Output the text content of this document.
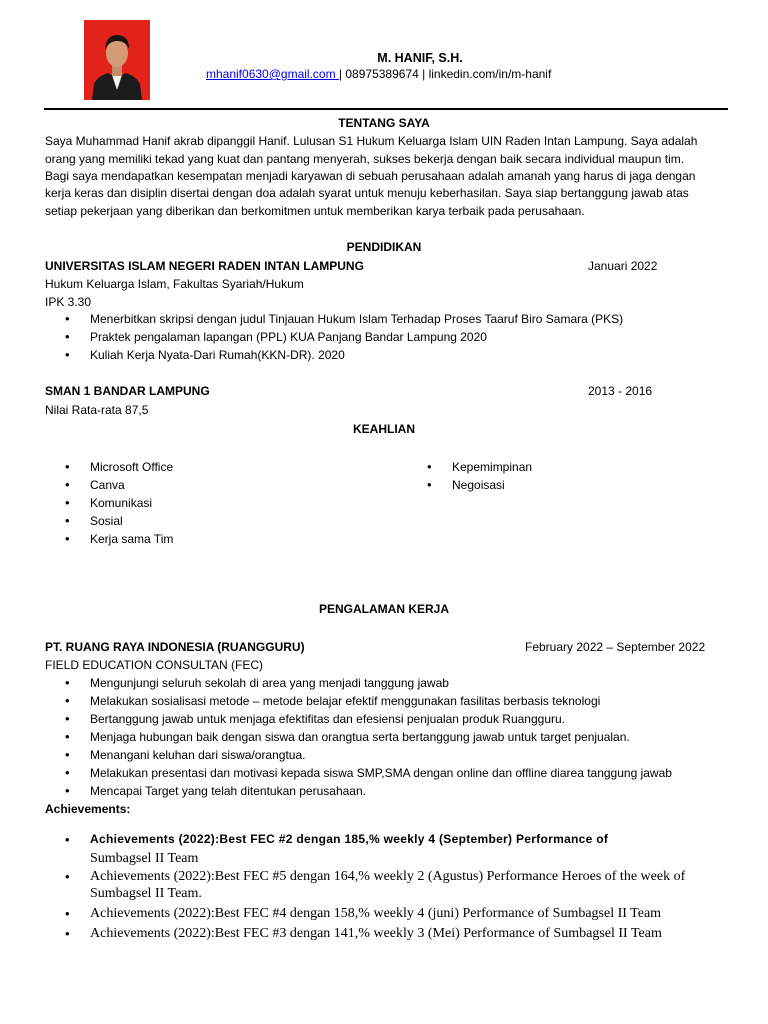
M. HANIF, S.H.
mhanif0630@gmail.com | 08975389674 | linkedin.com/in/m-hanif
TENTANG SAYA

Saya Muhammad Hanif akrab dipanggil Hanif. Lulusan S1 Hukum Keluarga Islam UIN Raden Intan Lampung. Saya adalah

orang yang memiliki tekad yang kuat dan pantang menyerah, sukses bekerja dengan baik secara individual maupun tim.

Bagi saya mendapatkan kesempatan menjadi karyawan di sebuah perusahaan adalah amanah yang harus di jaga dengan

kerja keras dan disiplin disertai dengan doa adalah syarat untuk menuju keberhasilan. Saya siap bertanggung jawab atas

setiap pekerjaan yang diberikan dan berkomitmen untuk memberikan karya terbaik pada perusahaan.

PENDIDIKAN
UNIVERSITAS ISLAM NEGERI RADEN INTAN LAMPUNG	Januari 2022
Hukum Keluarga Islam, Fakultas Syariah/Hukum
IPK 3.30
• Menerbitkan skripsi dengan judul Tinjauan Hukum Islam Terhadap Proses Taaruf Biro Samara (PKS)
• Praktek pengalaman lapangan (PPL) KUA Panjang Bandar Lampung 2020
• Kuliah Kerja Nyata-Dari Rumah(KKN-DR). 2020
SMAN 1 BANDAR LAMPUNG	2013 - 2016
Nilai Rata-rata 87,5
KEAHLIAN
• Microsoft Office
• Canva
• Komunikasi
• Sosial
• Kerja sama Tim
• Kepemimpinan
• Negoisasi
PENGALAMAN KERJA
PT. RUANG RAYA INDONESIA (RUANGGURU)	February 2022 – September 2022
FIELD EDUCATION CONSULTAN (FEC)
• Mengunjungi seluruh sekolah di area yang menjadi tanggung jawab
• Melakukan sosialisasi metode – metode belajar efektif menggunakan fasilitas berbasis teknologi
• Bertanggung jawab untuk menjaga efektifitas dan efesiensi penjualan produk Ruangguru.
• Menjaga hubungan baik dengan siswa dan orangtua serta bertanggung jawab untuk target penjualan.
• Menangani keluhan dari siswa/orangtua.
• Melakukan presentasi dan motivasi kepada siswa SMP,SMA dengan online dan offline diarea tanggung jawab
• Mencapai Target yang telah ditentukan perusahaan.
Achievements:
• Achievements (2022):Best FEC #2 dengan 185,% weekly 4 (September) Performance of
Sumbagsel II Team
• Achievements (2022):Best FEC #5 dengan 164,% weekly 2 (Agustus) Performance Heroes of the week of Sumbagsel II Team.
• Achievements (2022):Best FEC #4 dengan 158,% weekly 4 (juni) Performance of Sumbagsel II Team
• Achievements (2022):Best FEC #3 dengan 141,% weekly 3 (Mei) Performance of Sumbagsel II Team
